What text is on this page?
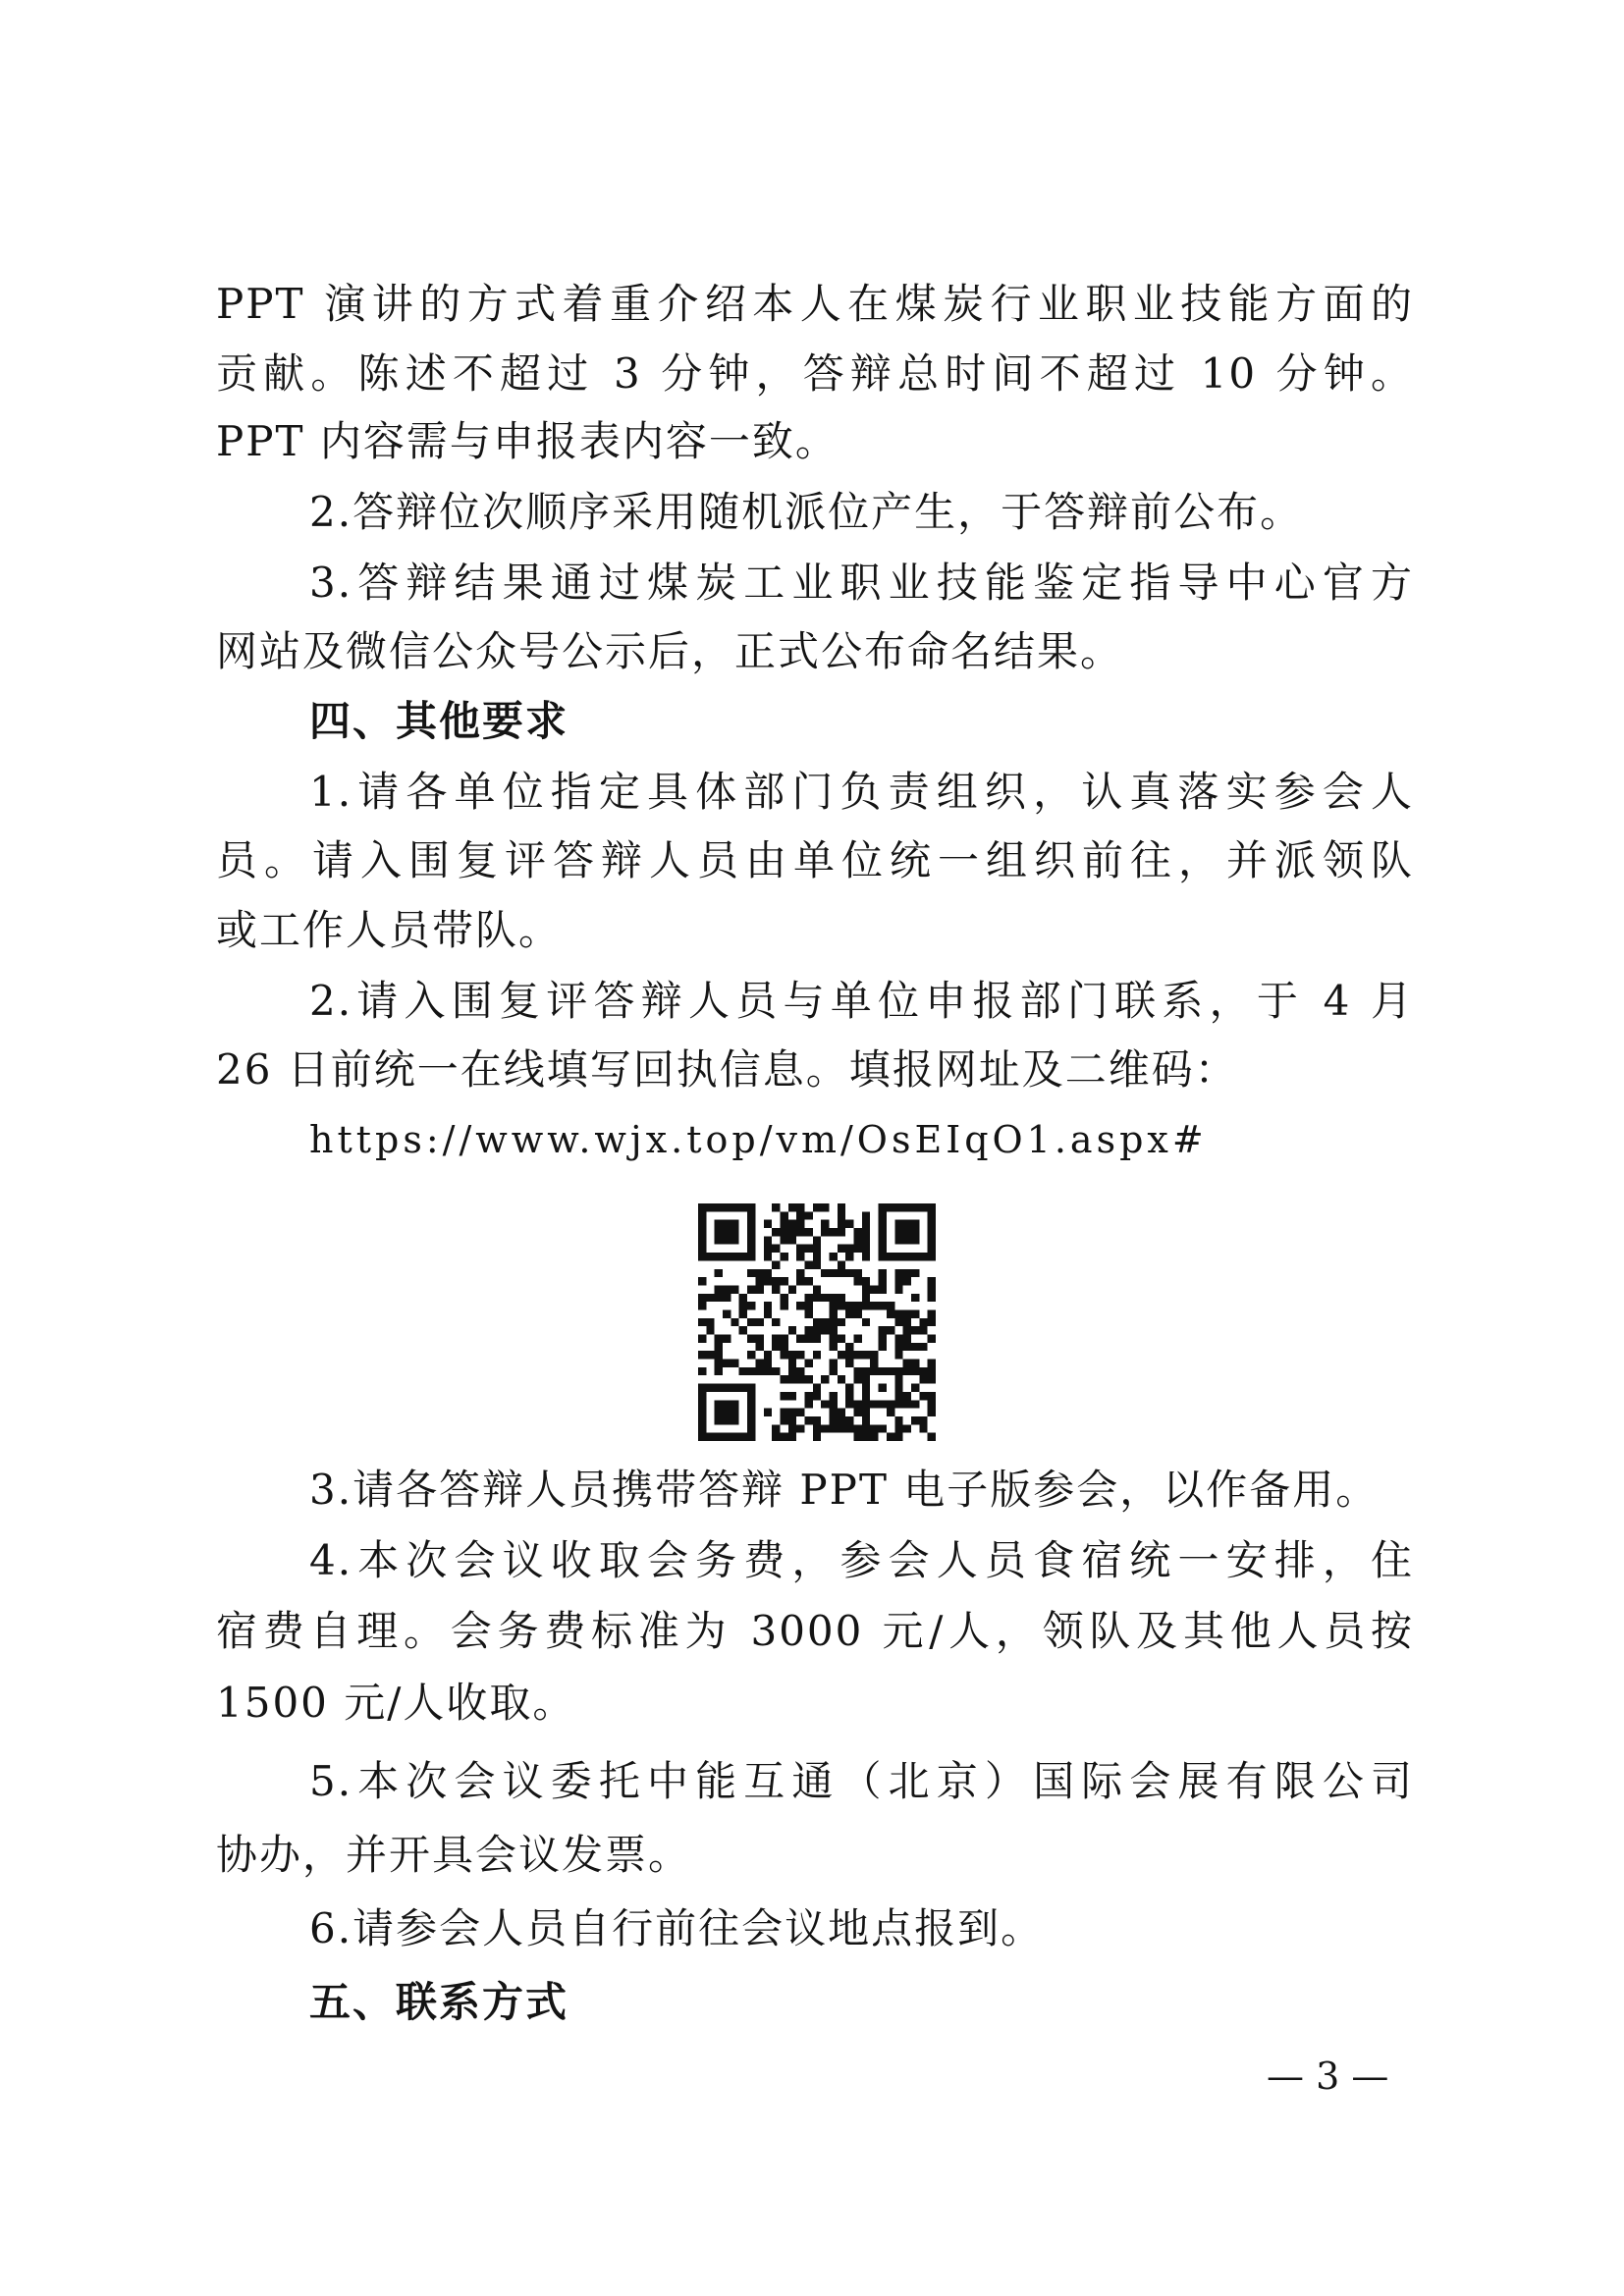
PPT 演讲的方式着重介绍本人在煤炭行业职业技能方面的
贡献。陈述不超过 3 分钟，答辩总时间不超过 10 分钟。
PPT 内容需与申报表内容一致。
2.答辩位次顺序采用随机派位产生，于答辩前公布。
3.答辩结果通过煤炭工业职业技能鉴定指导中心官方
网站及微信公众号公示后，正式公布命名结果。
四、其他要求
1.请各单位指定具体部门负责组织，认真落实参会人
员。请入围复评答辩人员由单位统一组织前往，并派领队
或工作人员带队。
2.请入围复评答辩人员与单位申报部门联系，于 4 月
26 日前统一在线填写回执信息。填报网址及二维码：
https://www.wjx.top/vm/OsEIqO1.aspx#
3.请各答辩人员携带答辩 PPT 电子版参会，以作备用。
4.本次会议收取会务费，参会人员食宿统一安排，住
宿费自理。会务费标准为 3000 元/人，领队及其他人员按
1500 元/人收取。
5.本次会议委托中能互通（北京）国际会展有限公司
协办，并开具会议发票。
6.请参会人员自行前往会议地点报到。
五、联系方式
— 3 —
